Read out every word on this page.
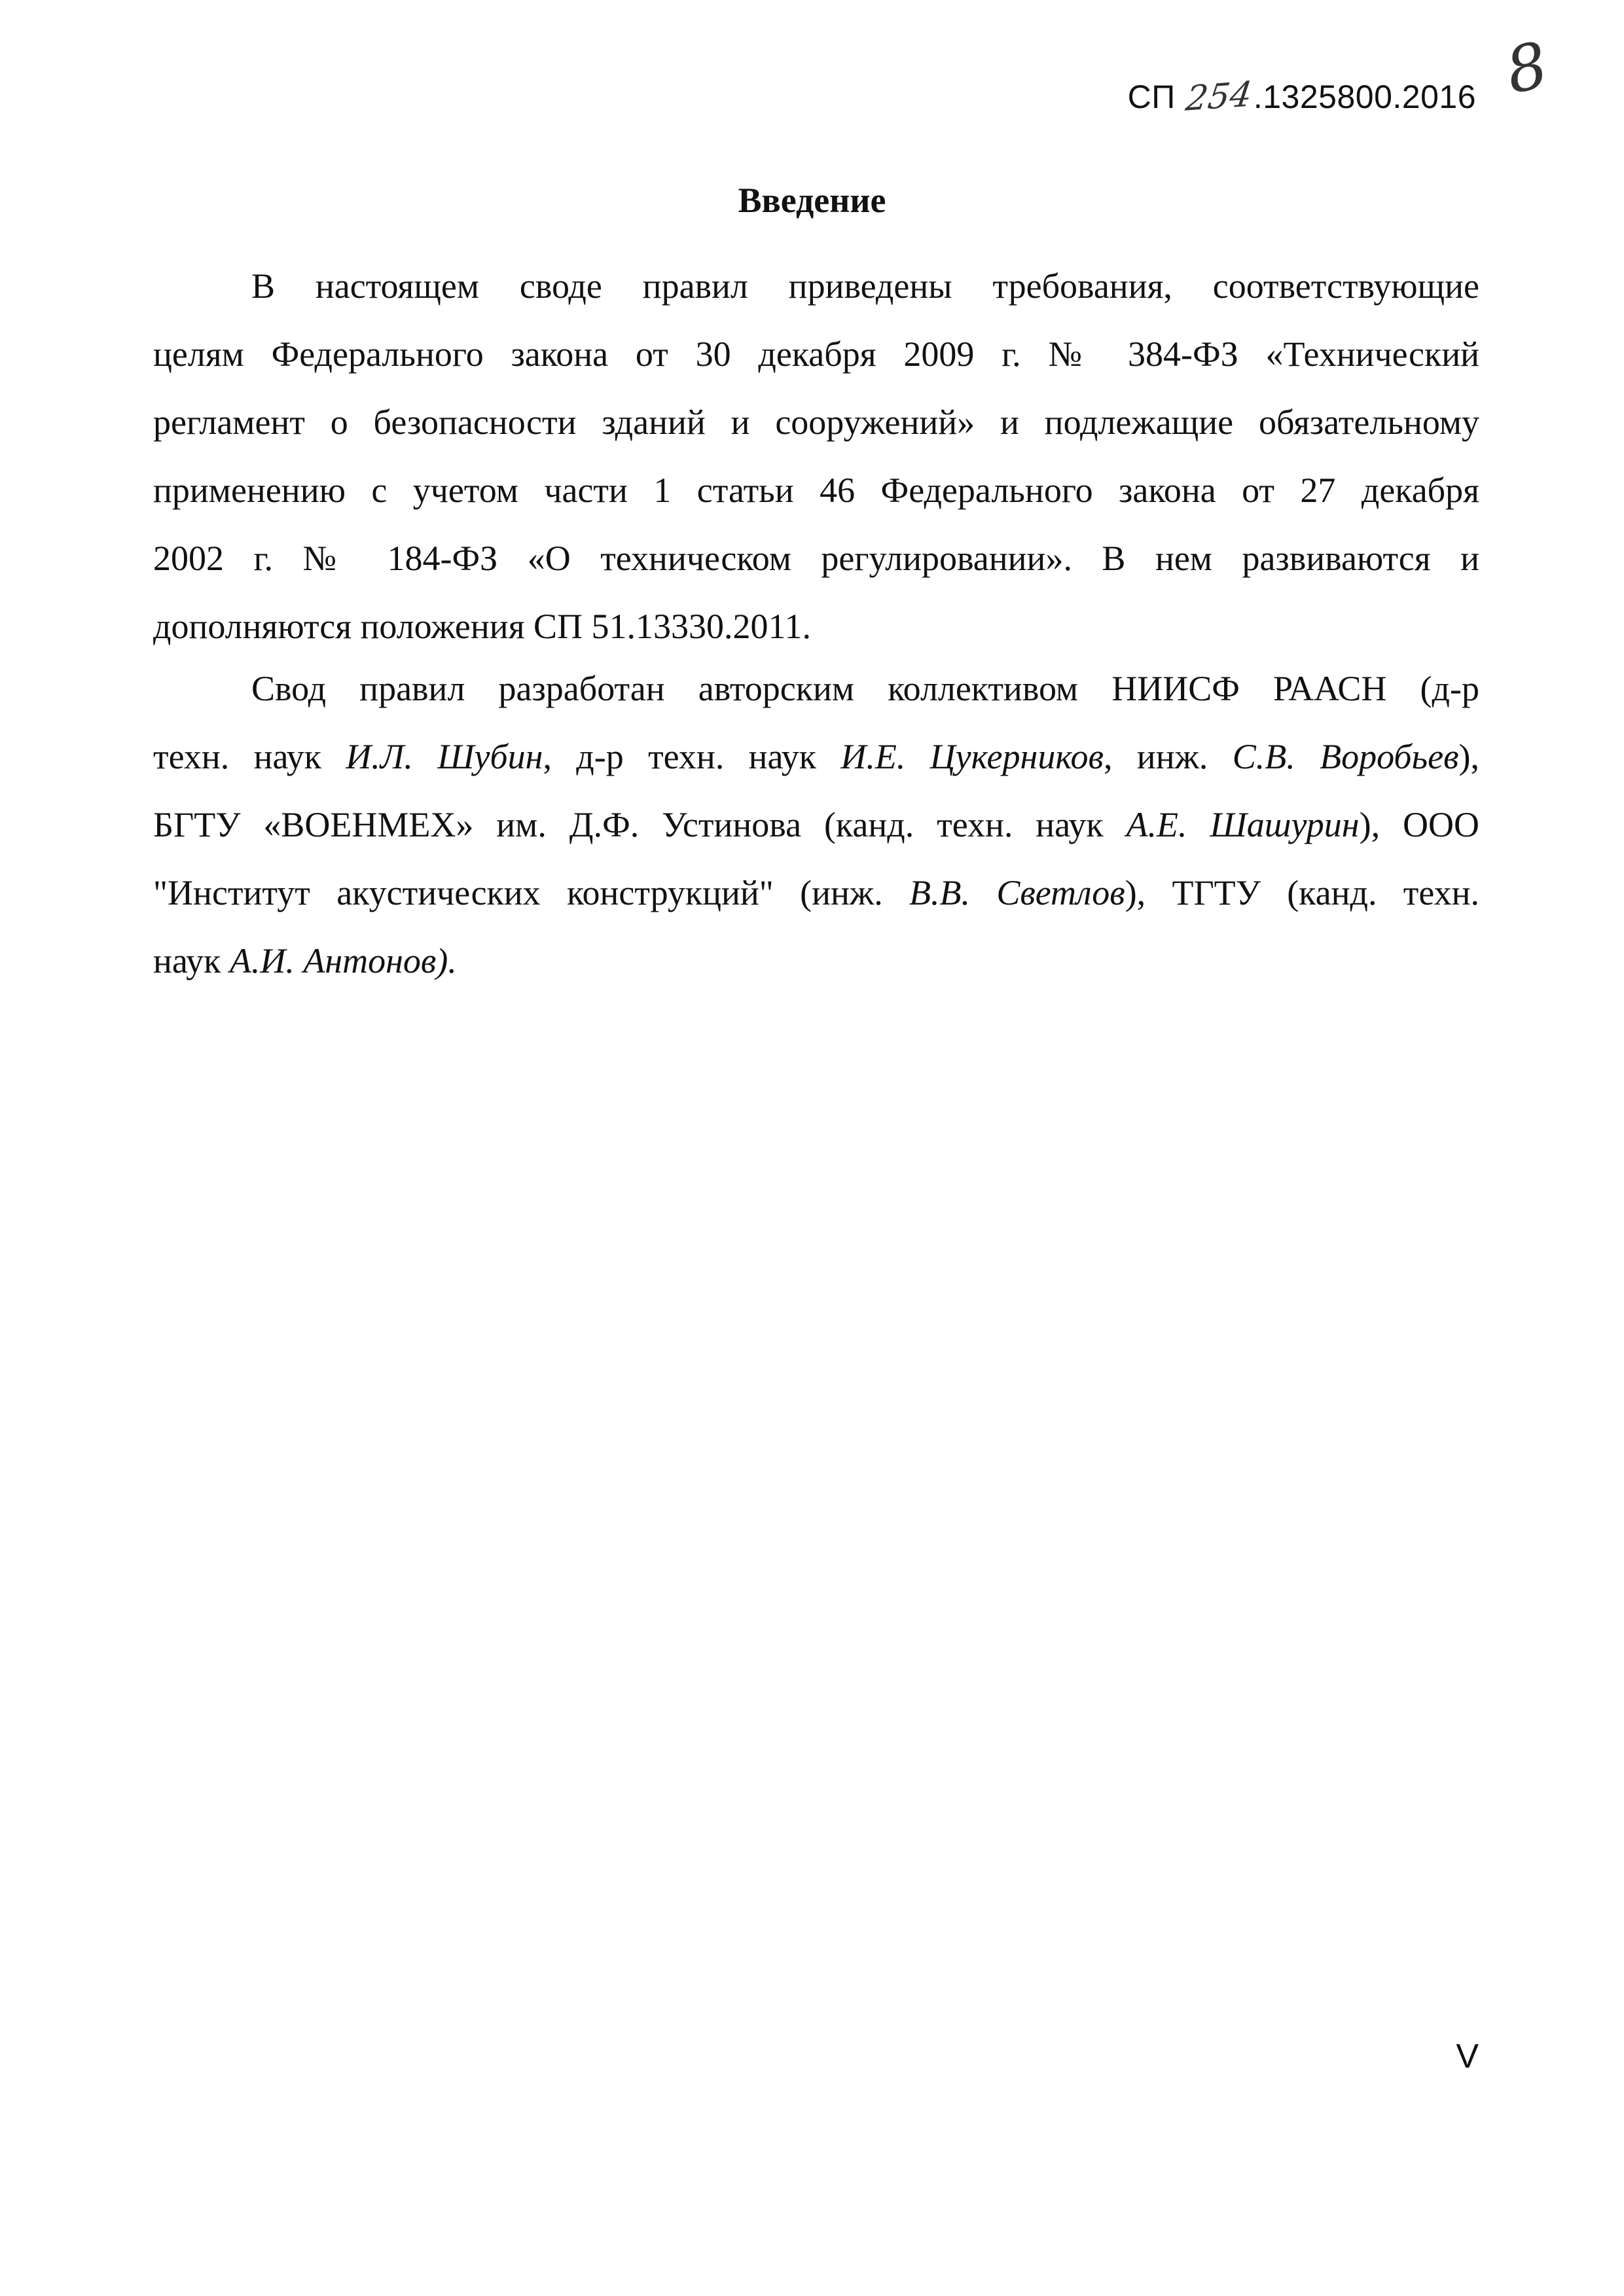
СП
254
.1325800.2016 8
Введение
В настоящем своде правил приведены требования, соответствующие
целям Федерального закона от 30 декабря 2009 г. № 384-ФЗ «Технический
регламент о безопасности зданий и сооружений» и подлежащие обязательному
применению с учетом части 1 статьи 46 Федерального закона от 27 декабря
2002 г. № 184-ФЗ «О техническом регулировании». В нем развиваются и
дополняются положения СП 51.13330.2011.
Свод правил разработан авторским коллективом НИИСФ РААСН (д-р
техн. наук И.Л. Шубин, д-р техн. наук И.Е. Цукерников, инж. С.В. Воробьев),
БГТУ «ВОЕНМЕХ» им. Д.Ф. Устинова (канд. техн. наук А.Е. Шашурин), ООО
"Институт акустических конструкций" (инж. В.В. Светлов), ТГТУ (канд. техн.
наук А.И. Антонов).
V
